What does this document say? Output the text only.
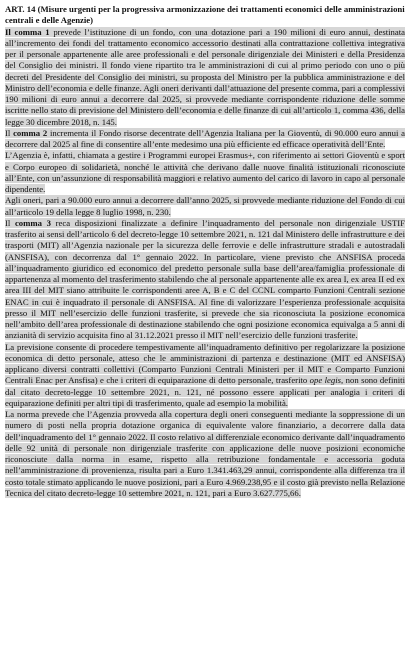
ART. 14 (Misure urgenti per la progressiva armonizzazione dei trattamenti economici delle amministrazioni centrali e delle Agenzie)

Il comma 1 prevede l’istituzione di un fondo, con una dotazione pari a 190 milioni di euro annui, destinata all’incremento dei fondi del trattamento economico accessorio destinati alla contrattazione collettiva integrativa per il personale appartenente alle aree professionali e del personale dirigenziale dei Ministeri e della Presidenza del Consiglio dei ministri. Il fondo viene ripartito tra le amministrazioni di cui al primo periodo con uno o più decreti del Presidente del Consiglio dei ministri, su proposta del Ministro per la pubblica amministrazione e del Ministro dell’economia e delle finanze. Agli oneri derivanti dall’attuazione del presente comma, pari a complessivi 190 milioni di euro annui a decorrere dal 2025, si provvede mediante corrispondente riduzione delle somme iscritte nello stato di previsione del Ministero dell’economia e delle finanze di cui all’articolo 1, comma 436, della legge 30 dicembre 2018, n. 145.

Il comma 2 incrementa il Fondo risorse decentrate dell’Agenzia Italiana per la Gioventù, di 90.000 euro annui a decorrere dal 2025 al fine di consentire all’ente medesimo una più efficiente ed efficace operatività dell’Ente.

L’Agenzia è, infatti, chiamata a gestire i Programmi europei Erasmus+, con riferimento ai settori Gioventù e sport e Corpo europeo di solidarietà, nonché le attività che derivano dalle nuove finalità istituzionali riconosciute all’Ente, con un’assunzione di responsabilità maggiori e relativo aumento del carico di lavoro in capo al personale dipendente.

Agli oneri, pari a 90.000 euro annui a decorrere dall’anno 2025, si provvede mediante riduzione del Fondo di cui all’articolo 19 della legge 8 luglio 1998, n. 230.

Il comma 3 reca disposizioni finalizzate a definire l’inquadramento del personale non dirigenziale USTIF trasferito ai sensi dell’articolo 6 del decreto-legge 10 settembre 2021, n. 121 dal Ministero delle infrastrutture e dei trasporti (MIT) all’Agenzia nazionale per la sicurezza delle ferrovie e delle infrastrutture stradali e autostradali (ANSFISA), con decorrenza dal 1° gennaio 2022. In particolare, viene previsto che ANSFISA proceda all’inquadramento giuridico ed economico del predetto personale sulla base dell’area/famiglia professionale di appartenenza al momento del trasferimento stabilendo che al personale appartenente alle ex area I, ex area II ed ex area III del MIT siano attribuite le corrispondenti aree A, B e C del CCNL comparto Funzioni Centrali sezione ENAC in cui è inquadrato il personale di ANSFISA. Al fine di valorizzare l’esperienza professionale acquisita presso il MIT nell’esercizio delle funzioni trasferite, si prevede che sia riconosciuta la posizione economica nell’ambito dell’area professionale di destinazione stabilendo che ogni posizione economica equivalga a 5 anni di anzianità di servizio acquisita fino al 31.12.2021 presso il MIT nell’esercizio delle funzioni trasferite.

La previsione consente di procedere tempestivamente all’inquadramento definitivo per regolarizzare la posizione economica di detto personale, atteso che le amministrazioni di partenza e destinazione (MIT ed ANSFISA) applicano diversi contratti collettivi (Comparto Funzioni Centrali Ministeri per il MIT e Comparto Funzioni Centrali Enac per Ansfisa) e che i criteri di equiparazione di detto personale, trasferito ope legis, non sono definiti dal citato decreto-legge 10 settembre 2021, n. 121, né possono essere applicati per analogia i criteri di equiparazione definiti per altri tipi di trasferimento, quale ad esempio la mobilità.

La norma prevede che l’Agenzia provveda alla copertura degli oneri conseguenti mediante la soppressione di un numero di posti nella propria dotazione organica di equivalente valore finanziario, a decorrere dalla data dell’inquadramento del 1° gennaio 2022. Il costo relativo al differenziale economico derivante dall’inquadramento delle 92 unità di personale non dirigenziale trasferite con applicazione delle nuove posizioni economiche riconosciute dalla norma in esame, rispetto alla retribuzione fondamentale e accessoria goduta nell’amministrazione di provenienza, risulta pari a Euro 1.341.463,29 annui, corrispondente alla differenza tra il costo totale stimato applicando le nuove posizioni, pari a Euro 4.969.238,95 e il costo già previsto nella Relazione Tecnica del citato decreto-legge 10 settembre 2021, n. 121, pari a Euro 3.627.775,66.
